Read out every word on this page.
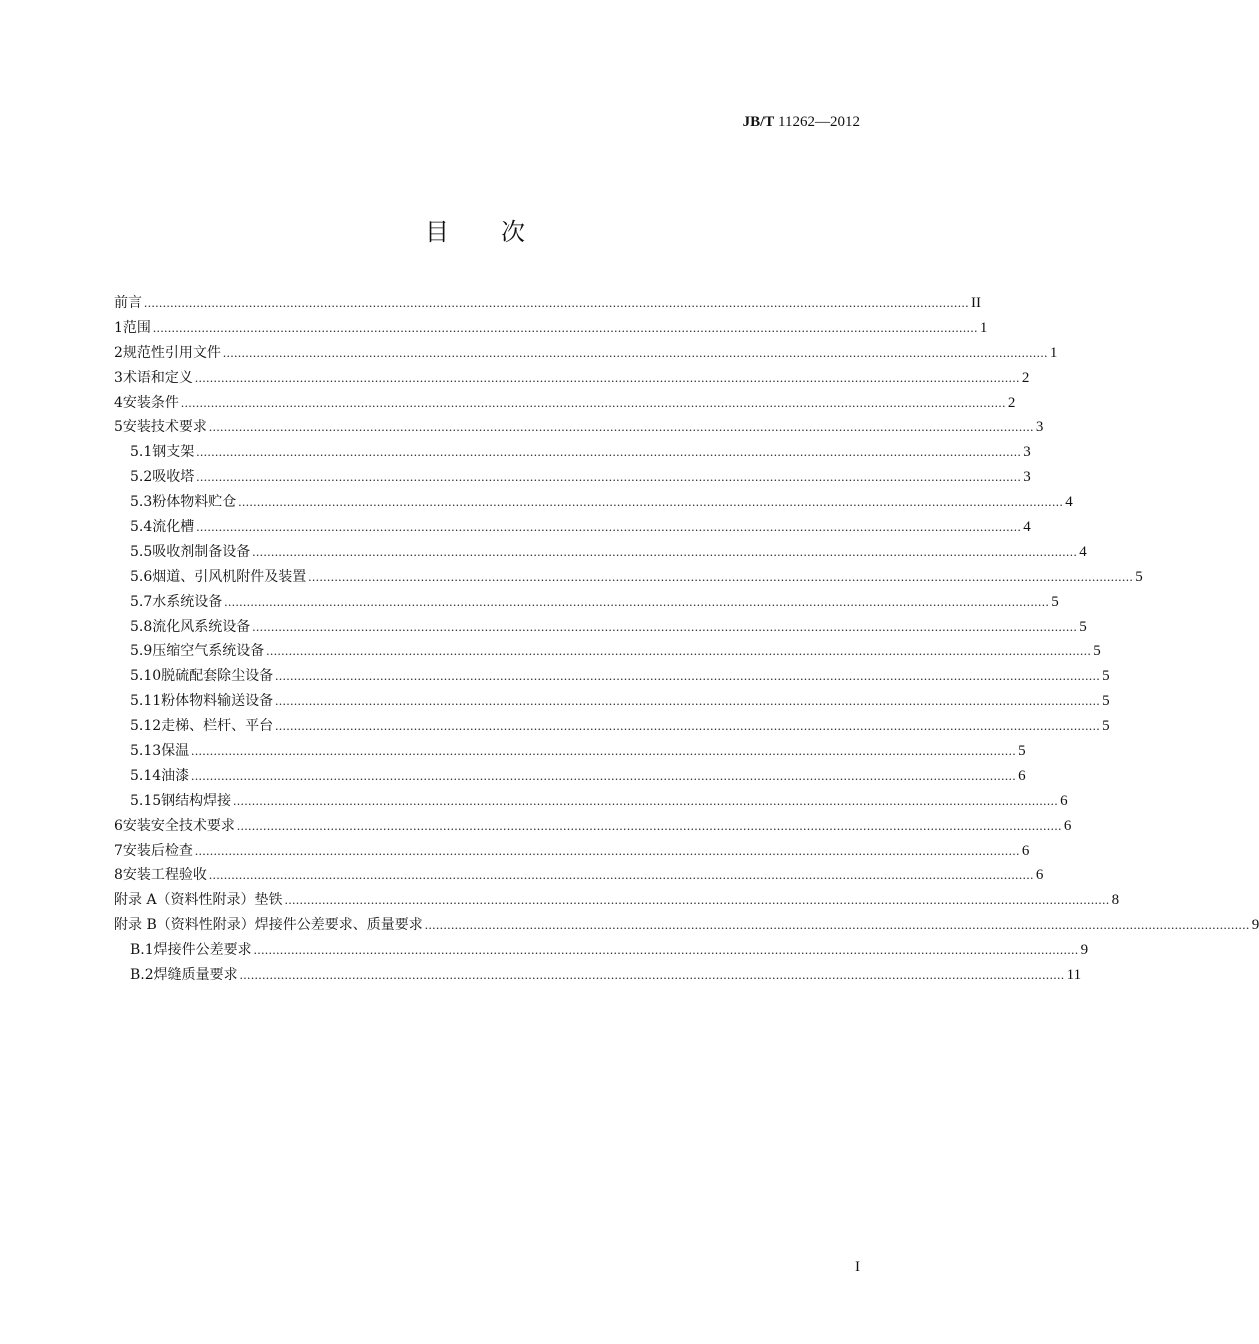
JB/T 11262—2012
目 次
前言 ............................................................................................................................................................................................................................ II
1 范围 ............................................................................................................................................................................................................................ 1
2 规范性引用文件 ............................................................................................................................................................................................................................ 1
3 术语和定义 ............................................................................................................................................................................................................................ 2
4 安装条件 ............................................................................................................................................................................................................................ 2
5 安装技术要求 ............................................................................................................................................................................................................................ 3
5.1 钢支架 ............................................................................................................................................................................................................................ 3
5.2 吸收塔 ............................................................................................................................................................................................................................ 3
5.3 粉体物料贮仓 ............................................................................................................................................................................................................................ 4
5.4 流化槽 ............................................................................................................................................................................................................................ 4
5.5 吸收剂制备设备 ............................................................................................................................................................................................................................ 4
5.6 烟道、引风机附件及装置 ............................................................................................................................................................................................................................ 5
5.7 水系统设备 ............................................................................................................................................................................................................................ 5
5.8 流化风系统设备 ............................................................................................................................................................................................................................ 5
5.9 压缩空气系统设备 ............................................................................................................................................................................................................................ 5
5.10 脱硫配套除尘设备 ............................................................................................................................................................................................................................ 5
5.11 粉体物料输送设备 ............................................................................................................................................................................................................................ 5
5.12 走梯、栏杆、平台 ............................................................................................................................................................................................................................ 5
5.13 保温 ............................................................................................................................................................................................................................ 5
5.14 油漆 ............................................................................................................................................................................................................................ 6
5.15 钢结构焊接 ............................................................................................................................................................................................................................ 6
6 安装安全技术要求 ............................................................................................................................................................................................................................ 6
7 安装后检查 ............................................................................................................................................................................................................................ 6
8 安装工程验收 ............................................................................................................................................................................................................................ 6
附录 A（资料性附录）垫铁 ............................................................................................................................................................................................................................ 8
附录 B（资料性附录）焊接件公差要求、质量要求 ............................................................................................................................................................................................................................ 9
B.1 焊接件公差要求 ............................................................................................................................................................................................................................ 9
B.2 焊缝质量要求 ............................................................................................................................................................................................................................ 11
I
